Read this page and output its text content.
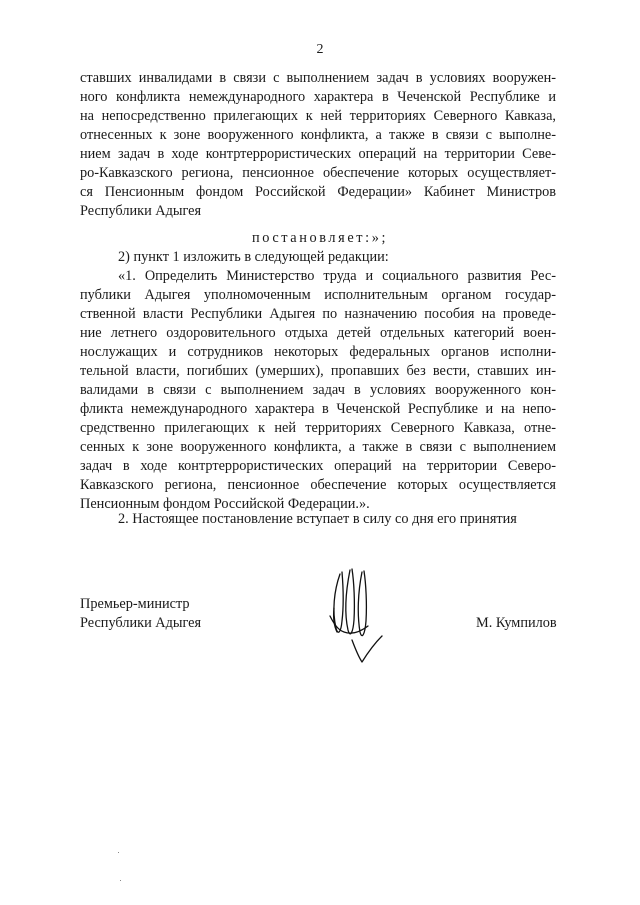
2
ставших инвалидами в связи с выполнением задач в условиях вооружен-
ного конфликта немеждународного характера в Чеченской Республике и
на непосредственно прилегающих к ней территориях Северного Кавказа,
отнесенных к зоне вооруженного конфликта, а также в связи с выполне-
нием задач в ходе контртеррористических операций на территории Севе-
ро-Кавказского региона, пенсионное обеспечение которых осуществляет-
ся Пенсионным фондом Российской Федерации» Кабинет Министров
Республики Адыгея
постановляет:»;
2) пункт 1 изложить в следующей редакции:
«1. Определить Министерство труда и социального развития Рес-
публики Адыгея уполномоченным исполнительным органом государ-
ственной власти Республики Адыгея по назначению пособия на проведе-
ние летнего оздоровительного отдыха детей отдельных категорий воен-
нослужащих и сотрудников некоторых федеральных органов исполни-
тельной власти, погибших (умерших), пропавших без вести, ставших ин-
валидами в связи с выполнением задач в условиях вооруженного кон-
фликта немеждународного характера в Чеченской Республике и на непо-
средственно прилегающих к ней территориях Северного Кавказа, отне-
сенных к зоне вооруженного конфликта, а также в связи с выполнением
задач в ходе контртеррористических операций на территории Северо-
Кавказского региона, пенсионное обеспечение которых осуществляется
Пенсионным фондом Российской Федерации.».
2. Настоящее постановление вступает в силу со дня его принятия
Премьер-министр
Республики Адыгея	М. Кумпилов
